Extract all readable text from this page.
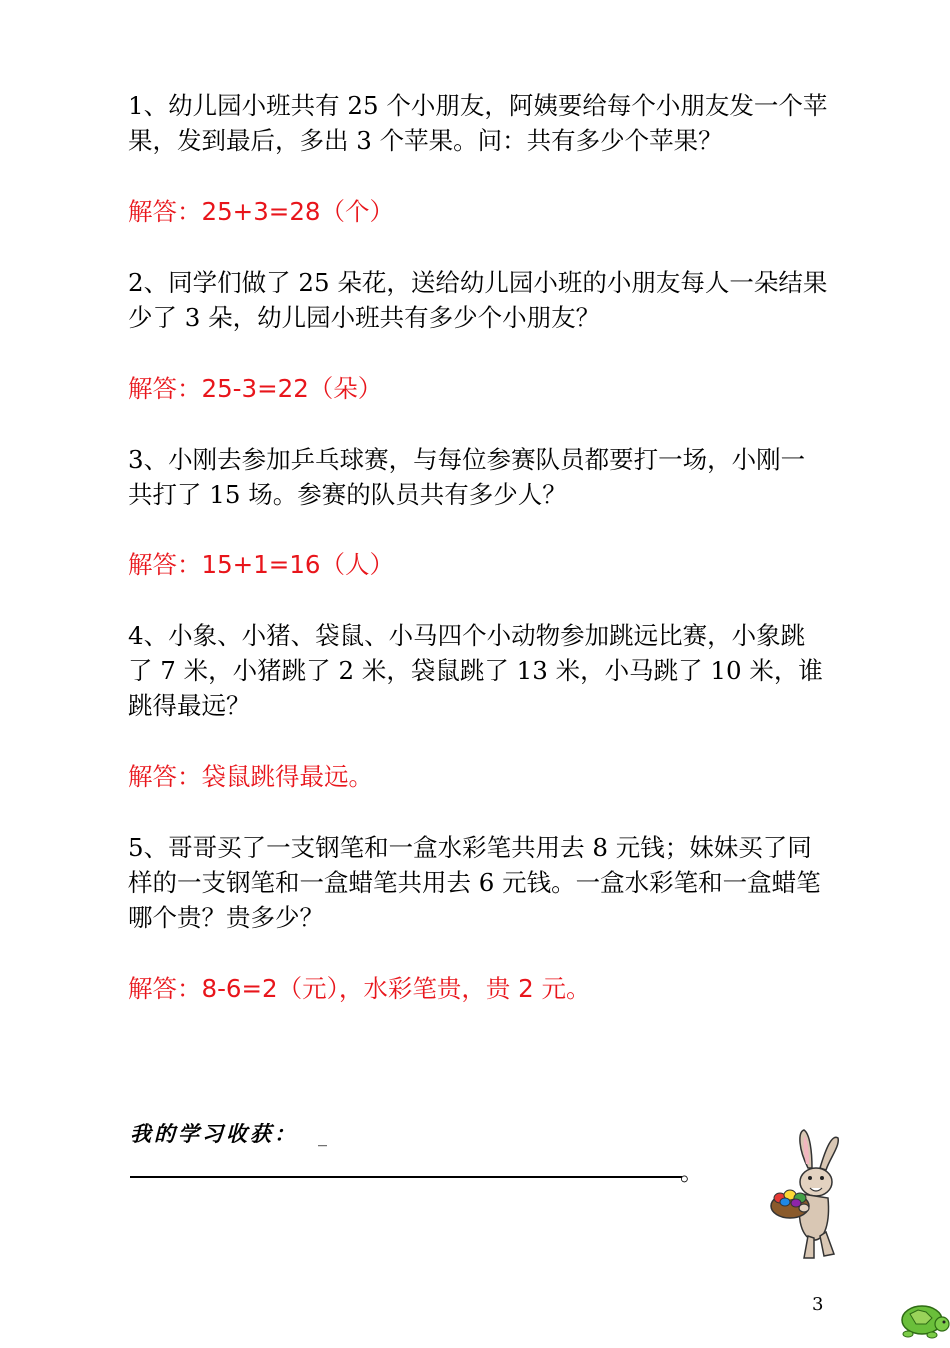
1、幼儿园小班共有 25 个小朋友，阿姨要给每个小朋友发一个苹果，发到最后，多出 3 个苹果。问：共有多少个苹果？

解答：25+3=28（个）

2、同学们做了 25 朵花，送给幼儿园小班的小朋友每人一朵结果少了 3 朵，幼儿园小班共有多少个小朋友？

解答：25-3=22（朵）

3、小刚去参加乒乓球赛，与每位参赛队员都要打一场，小刚一共打了 15 场。参赛的队员共有多少人？

解答：15+1=16（人）

4、小象、小猪、袋鼠、小马四个小动物参加跳远比赛，小象跳了 7 米，小猪跳了 2 米，袋鼠跳了 13 米，小马跳了 10 米，谁跳得最远？

解答：袋鼠跳得最远。

5、哥哥买了一支钢笔和一盒水彩笔共用去 8 元钱；妹妹买了同样的一支钢笔和一盒蜡笔共用去 6 元钱。一盒水彩笔和一盒蜡笔哪个贵？贵多少？

解答：8-6=2（元），水彩笔贵，贵 2 元。

我的学习收获： _
。
3
